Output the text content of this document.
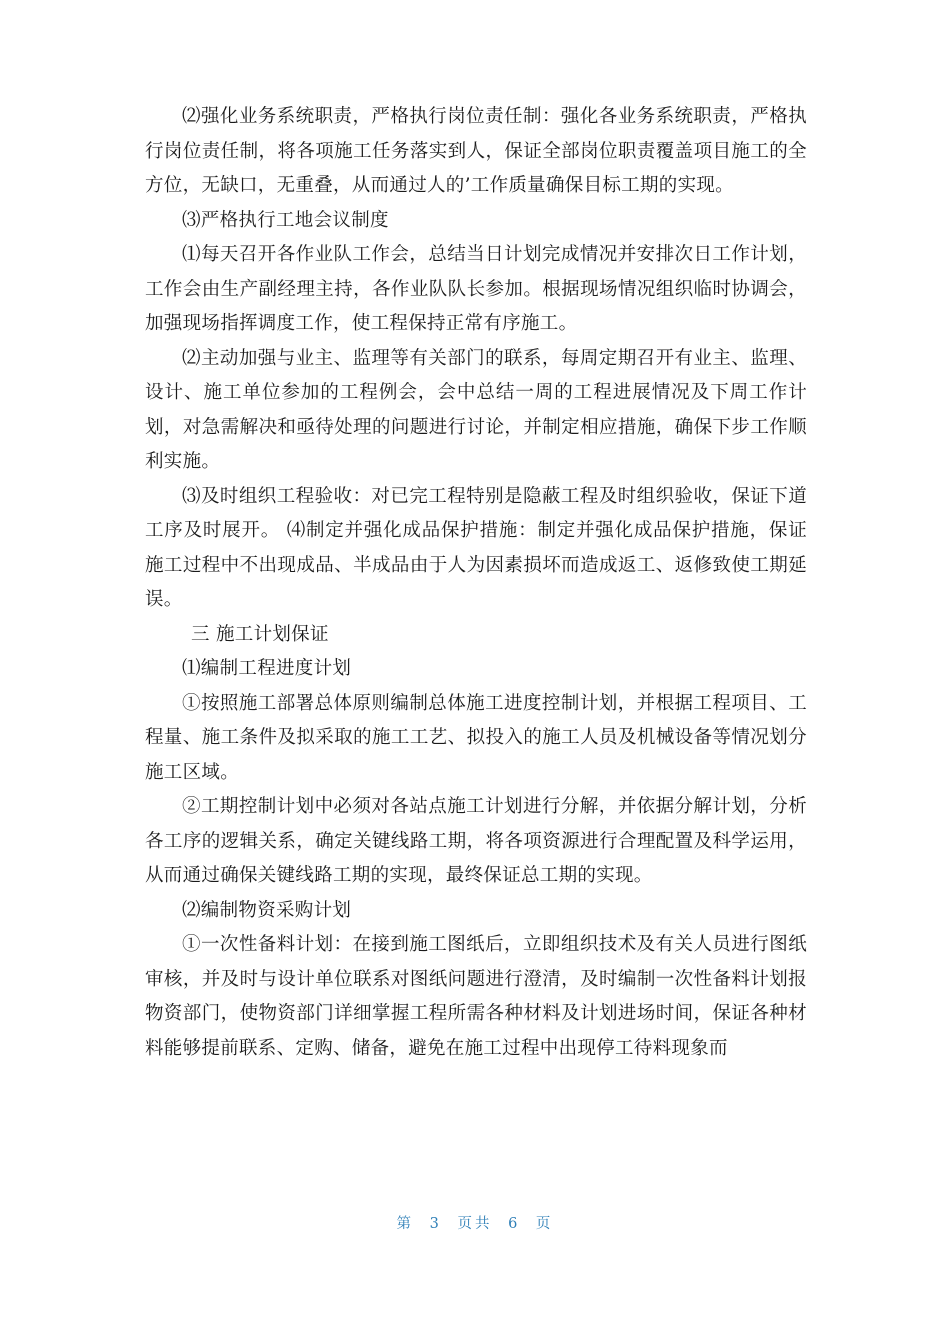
⑵强化业务系统职责，严格执行岗位责任制：强化各业务系统职责，严格执行岗位责任制，将各项施工任务落实到人，保证全部岗位职责覆盖项目施工的全方位，无缺口，无重叠，从而通过人的’工作质量确保目标工期的实现。

⑶严格执行工地会议制度

⑴每天召开各作业队工作会，总结当日计划完成情况并安排次日工作计划，工作会由生产副经理主持，各作业队队长参加。根据现场情况组织临时协调会，加强现场指挥调度工作，使工程保持正常有序施工。

⑵主动加强与业主、监理等有关部门的联系，每周定期召开有业主、监理、设计、施工单位参加的工程例会，会中总结一周的工程进展情况及下周工作计划，对急需解决和亟待处理的问题进行讨论，并制定相应措施，确保下步工作顺利实施。

⑶及时组织工程验收：对已完工程特别是隐蔽工程及时组织验收，保证下道工序及时展开。 ⑷制定并强化成品保护措施：制定并强化成品保护措施，保证施工过程中不出现成品、半成品由于人为因素损坏而造成返工、返修致使工期延误。

三 施工计划保证

⑴编制工程进度计划

①按照施工部署总体原则编制总体施工进度控制计划，并根据工程项目、工程量、施工条件及拟采取的施工工艺、拟投入的施工人员及机械设备等情况划分施工区域。

②工期控制计划中必须对各站点施工计划进行分解，并依据分解计划，分析各工序的逻辑关系，确定关键线路工期，将各项资源进行合理配置及科学运用，从而通过确保关键线路工期的实现，最终保证总工期的实现。

⑵编制物资采购计划

①一次性备料计划：在接到施工图纸后，立即组织技术及有关人员进行图纸审核，并及时与设计单位联系对图纸问题进行澄清，及时编制一次性备料计划报物资部门，使物资部门详细掌握工程所需各种材料及计划进场时间，保证各种材料能够提前联系、定购、储备，避免在施工过程中出现停工待料现象而

第 3 页共 6 页
